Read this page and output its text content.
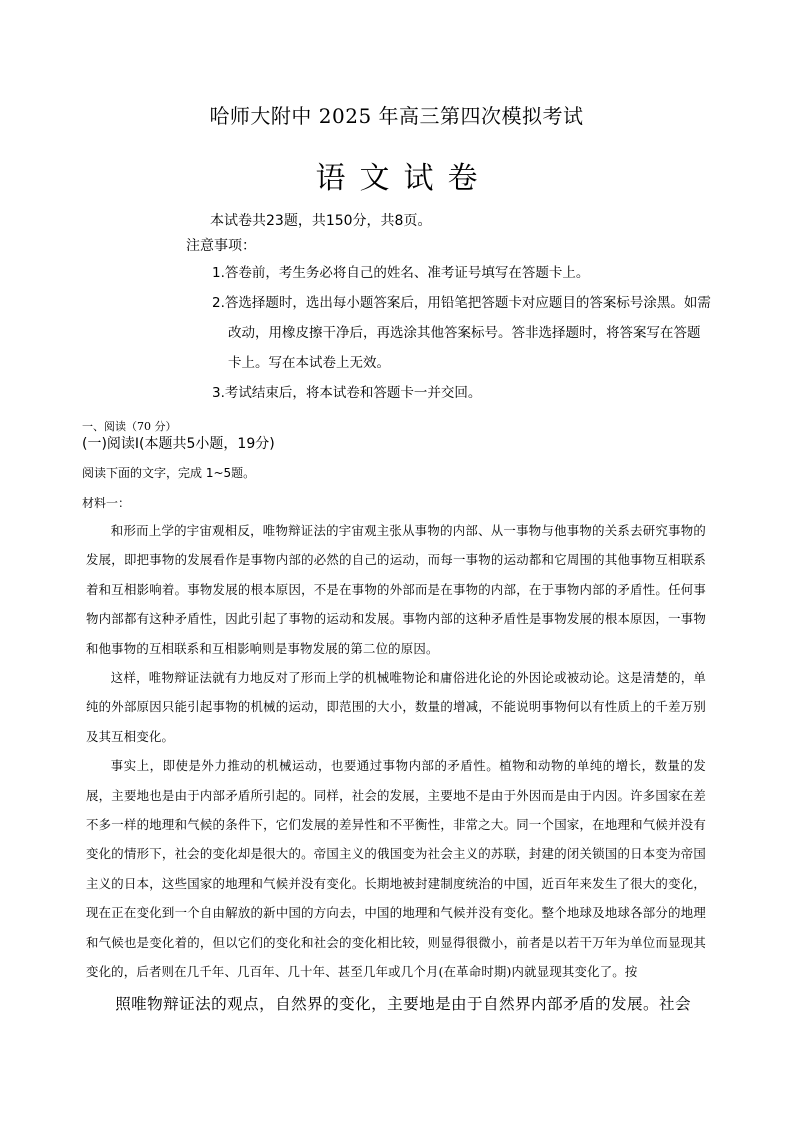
哈师大附中 2025 年高三第四次模拟考试
语文试卷
本试卷共23题，共150分，共8页。
注意事项：
1.答卷前，考生务必将自己的姓名、准考证号填写在答题卡上。
2.答选择题时，选出每小题答案后，用铅笔把答题卡对应题目的答案标号涂黑。如需改动，用橡皮擦干净后，再选涂其他答案标号。答非选择题时，将答案写在答题卡上。写在本试卷上无效。
3.考试结束后，将本试卷和答题卡一并交回。
一、阅读（70 分）
(一)阅读Ⅰ(本题共5小题，19分)
阅读下面的文字，完成 1~5题。
材料一：

和形而上学的宇宙观相反，唯物辩证法的宇宙观主张从事物的内部、从一事物与他事物的关系去研究事物的发展，即把事物的发展看作是事物内部的必然的自己的运动，而每一事物的运动都和它周围的其他事物互相联系着和互相影响着。事物发展的根本原因，不是在事物的外部而是在事物的内部，在于事物内部的矛盾性。任何事物内部都有这种矛盾性，因此引起了事物的运动和发展。事物内部的这种矛盾性是事物发展的根本原因，一事物和他事物的互相联系和互相影响则是事物发展的第二位的原因。

这样，唯物辩证法就有力地反对了形而上学的机械唯物论和庸俗进化论的外因论或被动论。这是清楚的，单纯的外部原因只能引起事物的机械的运动，即范围的大小，数量的增减，不能说明事物何以有性质上的千差万别及其互相变化。

事实上，即使是外力推动的机械运动，也要通过事物内部的矛盾性。植物和动物的单纯的增长，数量的发展，主要地也是由于内部矛盾所引起的。同样，社会的发展，主要地不是由于外因而是由于内因。许多国家在差不多一样的地理和气候的条件下，它们发展的差异性和不平衡性，非常之大。同一个国家，在地理和气候并没有变化的情形下，社会的变化却是很大的。帝国主义的俄国变为社会主义的苏联，封建的闭关锁国的日本变为帝国主义的日本，这些国家的地理和气候并没有变化。长期地被封建制度统治的中国，近百年来发生了很大的变化，现在正在变化到一个自由解放的新中国的方向去，中国的地理和气候并没有变化。整个地球及地球各部分的地理和气候也是变化着的，但以它们的变化和社会的变化相比较，则显得很微小，前者是以若干万年为单位而显现其变化的，后者则在几千年、几百年、几十年、甚至几年或几个月(在革命时期)内就显现其变化了。按

照唯物辩证法的观点，自然界的变化，主要地是由于自然界内部矛盾的发展。社会
